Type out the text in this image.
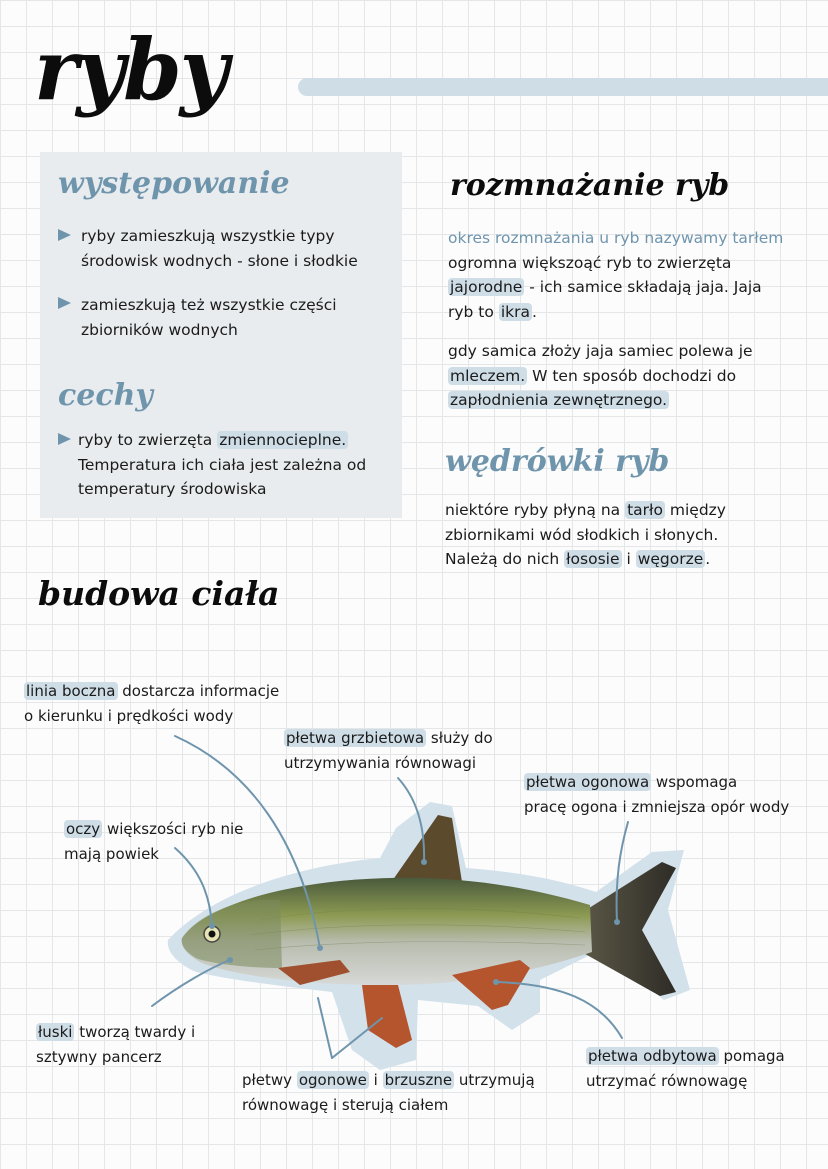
ryby
występowanie
ryby zamieszkują wszystkie typy
środowisk wodnych - słone i słodkie
zamieszkują też wszystkie części
zbiorników wodnych
cechy
ryby to zwierzęta zmiennocieplne.
Temperatura ich ciała jest zależna od
temperatury środowiska
rozmnażanie ryb
okres rozmnażania u ryb nazywamy tarłem
ogromna większoąć ryb to zwierzęta
jajorodne - ich samice składają jaja. Jaja
ryb to ikra .
gdy samica złoży jaja samiec polewa je
mleczem. W ten sposób dochodzi do
zapłodnienia zewnętrznego.
wędrówki ryb
niektóre ryby płyną na tarło między
zbiornikami wód słodkich i słonych.
Należą do nich łososie i węgorze .
budowa ciała
linia boczna dostarcza informacje
o kierunku i prędkości wody
płetwa grzbietowa służy do
utrzymywania równowagi
płetwa ogonowa wspomaga
pracę ogona i zmniejsza opór wody
oczy większości ryb nie
mają powiek
łuski tworzą twardy i
sztywny pancerz
płetwy ogonowe i brzuszne utrzymują
równowagę i sterują ciałem
płetwa odbytowa pomaga
utrzymać równowagę
